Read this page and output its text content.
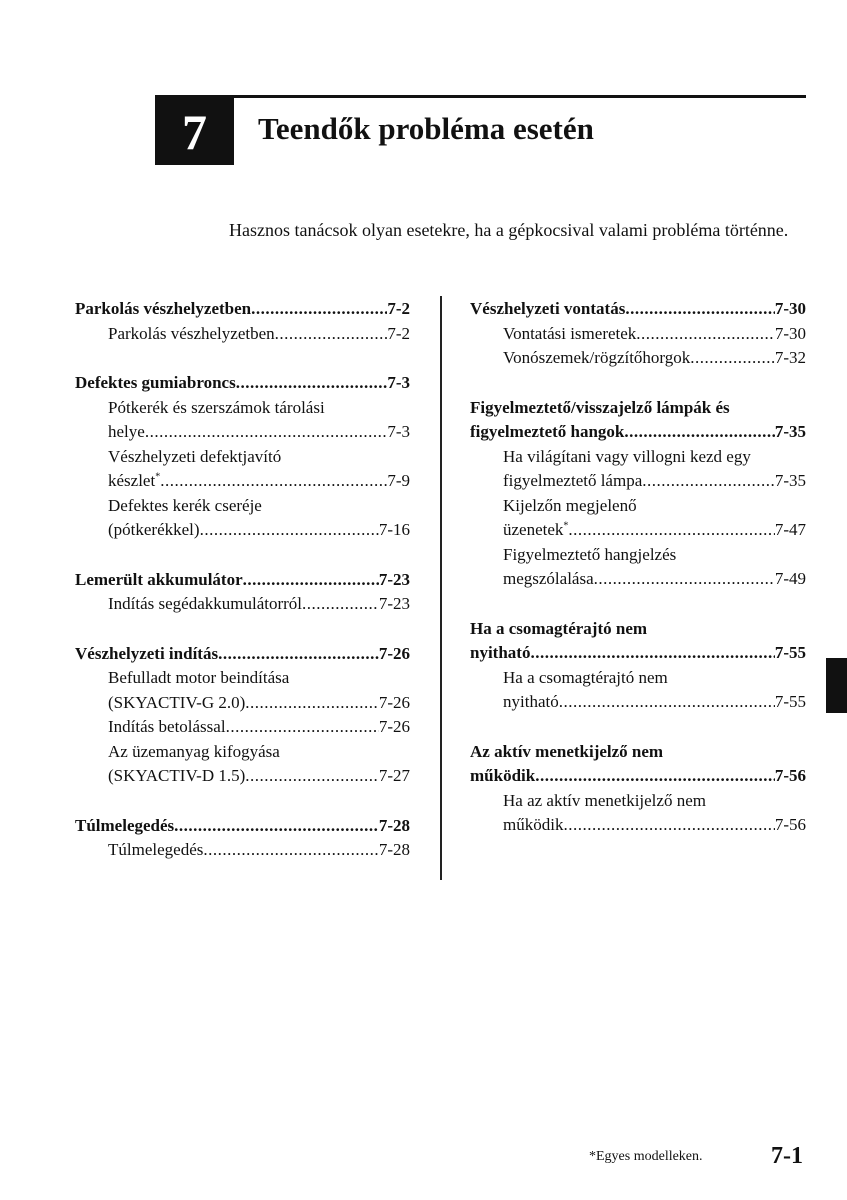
7 Teendők probléma esetén
Hasznos tanácsok olyan esetekre, ha a gépkocsival valami probléma történne.
Parkolás vészhelyzetben .....	7-2
Parkolás vészhelyzetben .....	7-2
Defektes gumiabroncs .....	7-3
Pótkerék és szerszámok tárolási
helye .....	7-3
Vészhelyzeti defektjavító
készlet* .....	7-9
Defektes kerék cseréje
(pótkerékkel) .....	7-16
Lemerült akkumulátor .....	7-23
Indítás segédakkumulátorról .....	7-23
Vészhelyzeti indítás .....	7-26
Befulladt motor beindítása
(SKYACTIV-G 2.0) .....	7-26
Indítás betolással .....	7-26
Az üzemanyag kifogyása
(SKYACTIV-D 1.5) .....	7-27
Túlmelegedés .....	7-28
Túlmelegedés .....	7-28
Vészhelyzeti vontatás .....	7-30
Vontatási ismeretek .....	7-30
Vonószemek/rögzítőhorgok .....	7-32
Figyelmeztető/visszajelző lámpák és
figyelmeztető hangok .....	7-35
Ha világítani vagy villogni kezd egy
figyelmeztető lámpa .....	7-35
Kijelzőn megjelenő
üzenetek* .....	7-47
Figyelmeztető hangjelzés
megszólalása .....	7-49
Ha a csomagtérajtó nem
nyitható .....	7-55
Ha a csomagtérajtó nem
nyitható .....	7-55
Az aktív menetkijelző nem
működik .....	7-56
Ha az aktív menetkijelző nem
működik .....	7-56
*Egyes modelleken.	7-1
